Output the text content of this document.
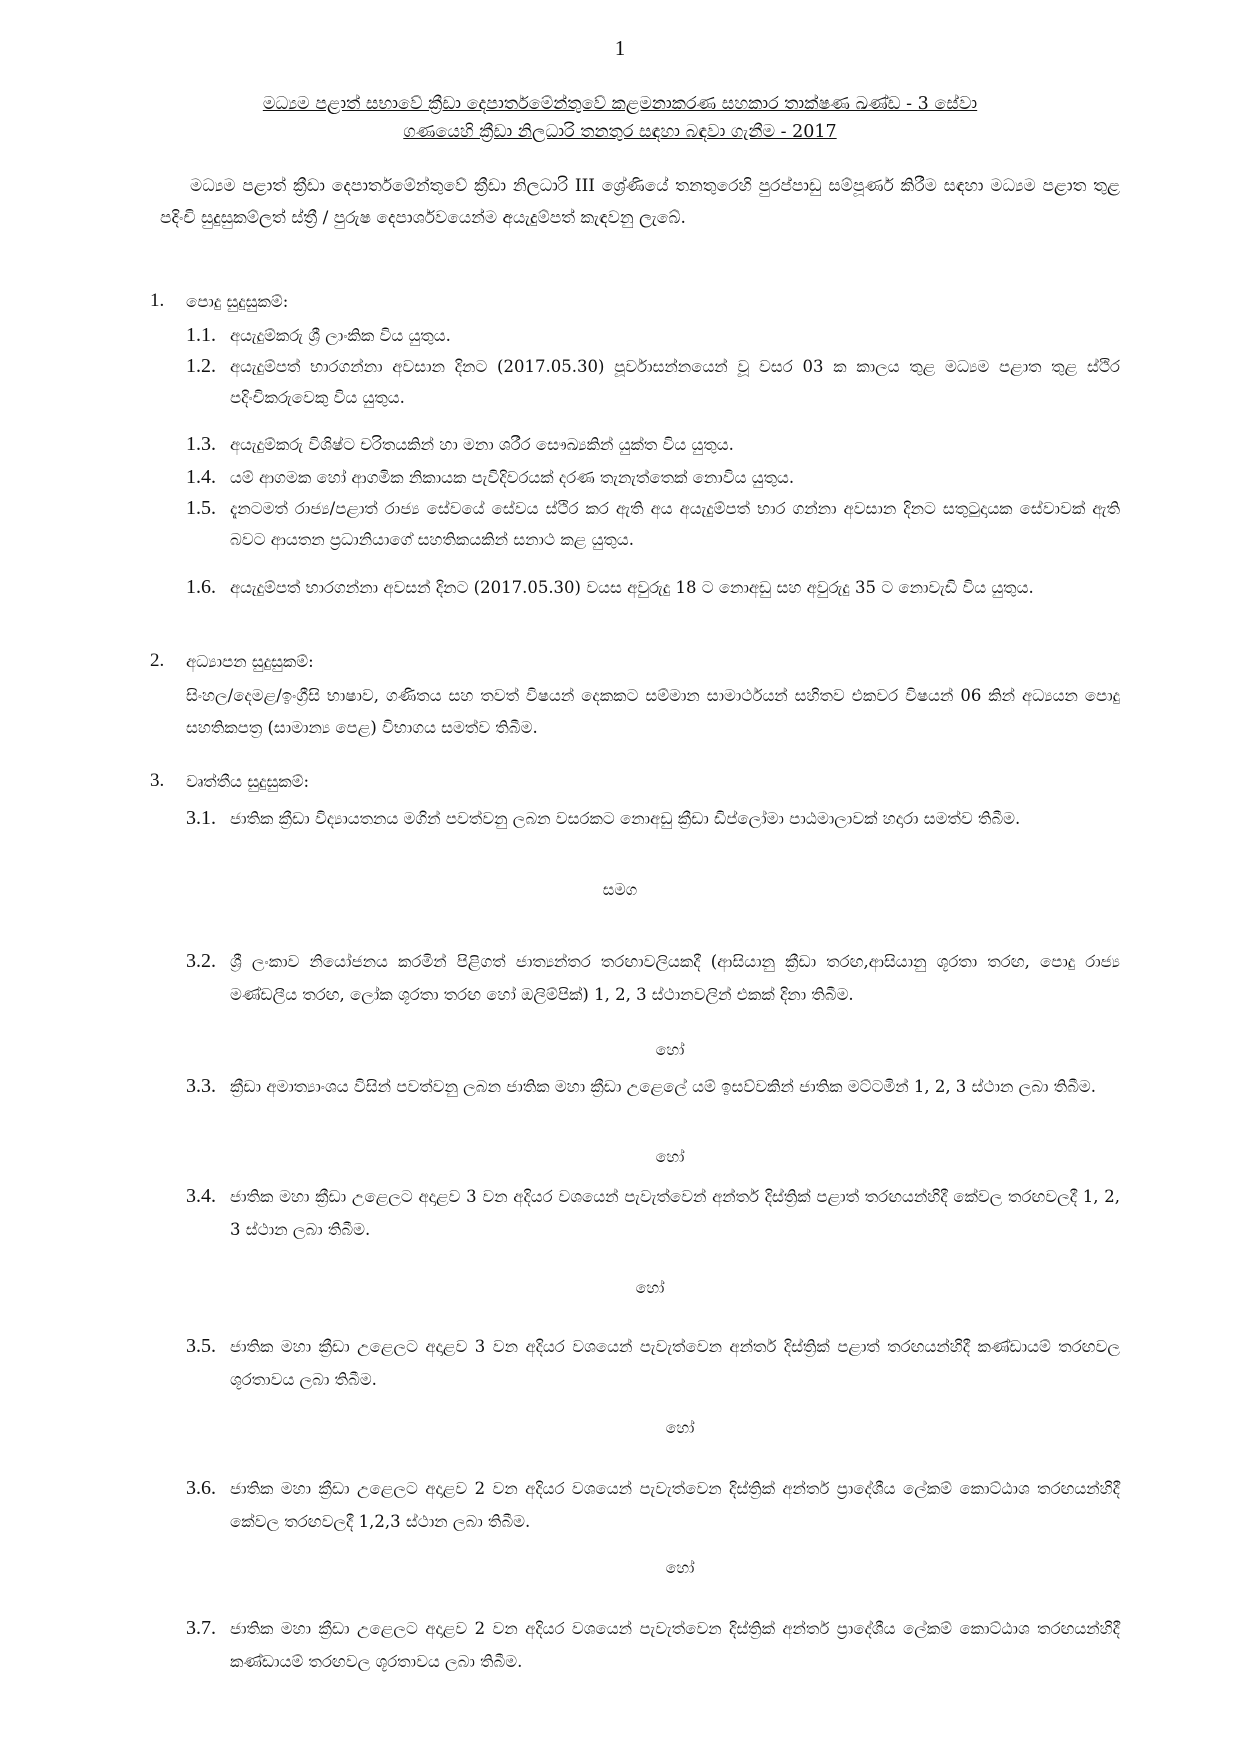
1
මධ්‍යම පළාත් සභාවේ ක්‍රීඩා දෙපාර්තමේන්තුවේ කළමනාකරණ සහකාර තාක්ෂණ ඛණ්ඩ - 3 සේවා
ගණයෙහි ක්‍රීඩා නිලධාරි තනතුර සඳහා බඳවා ගැනීම - 2017
මධ්‍යම පළාත් ක්‍රීඩා දෙපාර්තමේන්තුවේ ක්‍රීඩා නිලධාරි III ශ්‍රේණියේ තනතුරෙහි පුරප්පාඩු සම්පූර්ණ කිරීම සඳහා මධ්‍යම පළාත තුළ පදිංචි සුදුසුකම්ලත් ස්ත්‍රී / පුරුෂ දෙපාර්ශවයෙන්ම අයැදුම්පත් කැඳවනු ලැබේ.
1. පොදු සුදුසුකම්:
1.1. අයැදුම්කරු ශ්‍රී ලාංකික විය යුතුය.
1.2. අයැදුම්පත් භාරගන්නා අවසාන දිනට (2017.05.30) පූර්වාසන්නයෙන් වූ වසර 03 ක කාලය තුළ මධ්‍යම පළාත තුළ ස්ථිර පදිංචිකරුවෙකු විය යුතුය.
1.3. අයැදුම්කරු විශිෂ්ට චරිතයකින් හා මනා ශරීර සෞඛ්‍යකින් යුක්ත විය යුතුය.
1.4. යම් ආගමක හෝ ආගමික නිකායක පැවිදිවරයක් දරණ තැනැත්තෙක් නොවිය යුතුය.
1.5. දැනටමත් රාජ්‍ය/පළාත් රාජ්‍ය සේවයේ සේවය ස්ථිර කර ඇති අය අයැදුම්පත් භාර ගන්නා අවසාන දිනට සතුටුදායක සේවාවක් ඇති බවට ආයතන ප්‍රධානියාගේ සහතිකයකින් සනාථ කළ යුතුය.
1.6. අයැදුම්පත් භාරගන්නා අවසන් දිනට (2017.05.30) වයස අවුරුදු 18 ට නොඅඩු සහ අවුරුදු 35 ට නොවැඩි විය යුතුය.
2. අධ්‍යාපන සුදුසුකම්:
සිංහල/දෙමළ/ඉංග්‍රීසි භාෂාව, ගණිතය සහ තවත් විෂයන් දෙකකට සම්මාන සාමාර්ථයන් සහිතව එකවර විෂයන් 06 කින් අධ්‍යයන පොදු සහතිකපත්‍ර (සාමාන්‍ය පෙළ) විභාගය සමත්ව තිබීම.
3. වෘත්තීය සුදුසුකම්:
3.1. ජාතික ක්‍රීඩා විද්‍යායතනය මගින් පවත්වනු ලබන වසරකට නොඅඩු ක්‍රීඩා ඩිප්ලෝමා පාඨමාලාවක් හදාරා සමත්ව තිබීම.
සමග
3.2. ශ්‍රී ලංකාව නියෝජනය කරමින් පිළිගත් ජාත්‍යන්තර තරඟාවලියකදී (ආසියානු ක්‍රීඩා තරඟ,ආසියානු ශූරතා තරඟ, පොදු රාජ්‍ය මණ්ඩලීය තරඟ, ලෝක ශූරතා තරඟ හෝ ඔලිම්පික්) 1, 2, 3 ස්ථානවලින් එකක් දිනා තිබීම.
හෝ
3.3. ක්‍රීඩා අමාත්‍යාංශය විසින් පවත්වනු ලබන ජාතික මහා ක්‍රීඩා උළෙලේ යම් ඉසව්වකින් ජාතික මට්ටමින් 1, 2, 3 ස්ථාන ලබා තිබීම.
හෝ
3.4. ජාතික මහා ක්‍රීඩා උළෙලට අදාළව 3 වන අදියර වශයෙන් පැවැත්වෙන් අන්තර් දිස්ත්‍රික් පළාත් තරඟයන්හිදී කේවල තරඟවලදී 1, 2, 3 ස්ථාන ලබා තිබීම.
හෝ
3.5. ජාතික මහා ක්‍රීඩා උළෙලට අදාළව 3 වන අදියර වශයෙන් පැවැත්වෙන අන්තර් දිස්ත්‍රික් පළාත් තරඟයන්හිදී කණ්ඩායම් තරඟවල ශූරතාවය ලබා තිබීම.
හෝ
3.6. ජාතික මහා ක්‍රීඩා උළෙලට අදාළව 2 වන අදියර වශයෙන් පැවැත්වෙන දිස්ත්‍රික් අන්තර් ප්‍රාදේශීය ලේකම් කොට්ඨාශ තරඟයන්හිදී කේවල තරඟවලදී 1,2,3 ස්ථාන ලබා තිබීම.
හෝ
3.7. ජාතික මහා ක්‍රීඩා උළෙලට අදාළව 2 වන අදියර වශයෙන් පැවැත්වෙන දිස්ත්‍රික් අන්තර් ප්‍රාදේශීය ලේකම් කොට්ඨාශ තරඟයන්හිදී කණ්ඩායම් තරඟවල ශූරතාවය ලබා තිබීම.
